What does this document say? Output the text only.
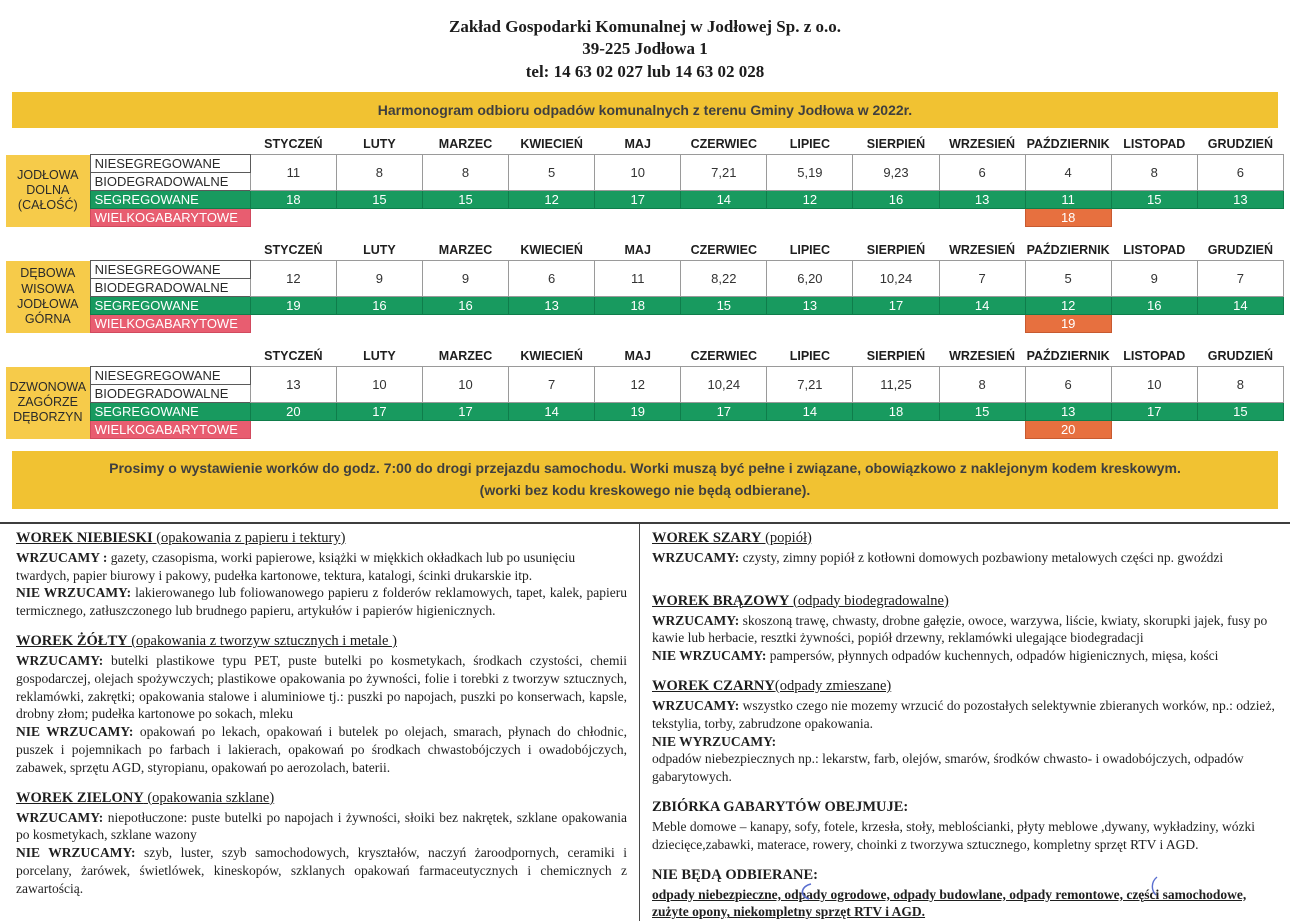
Zakład Gospodarki Komunalnej w Jodłowej Sp. z o.o.
39-225 Jodłowa 1
tel: 14 63 02 027 lub 14 63 02 028
Harmonogram odbioru odpadów komunalnych z terenu Gminy Jodłowa w 2022r.
		STYCZEŃ	LUTY	MARZEC	KWIECIEŃ	MAJ	CZERWIEC	LIPIEC	SIERPIEŃ	WRZESIEŃ	PAŹDZIERNIK	LISTOPAD	GRUDZIEŃ

JODŁOWA
DOLNA
(CAŁOŚĆ)	NIESEGREGOWANE	11	8	8	5	10	7,21	5,19	9,23	6	4	8	6
	BIODEGRADOWALNE												
	SEGREGOWANE	18	15	15	12	17	14	12	16	13	11	15	13
	WIELKOGABARYTOWE										18		
		STYCZEŃ	LUTY	MARZEC	KWIECIEŃ	MAJ	CZERWIEC	LIPIEC	SIERPIEŃ	WRZESIEŃ	PAŹDZIERNIK	LISTOPAD	GRUDZIEŃ

DĘBOWA
WISOWA
JODŁOWA
GÓRNA	NIESEGREGOWANE	12	9	9	6	11	8,22	6,20	10,24	7	5	9	7
	BIODEGRADOWALNE												
	SEGREGOWANE	19	16	16	13	18	15	13	17	14	12	16	14
	WIELKOGABARYTOWE										19		
		STYCZEŃ	LUTY	MARZEC	KWIECIEŃ	MAJ	CZERWIEC	LIPIEC	SIERPIEŃ	WRZESIEŃ	PAŹDZIERNIK	LISTOPAD	GRUDZIEŃ

DZWONOWA
ZAGÓRZE
DĘBORZYN	NIESEGREGOWANE	13	10	10	7	12	10,24	7,21	11,25	8	6	10	8
	BIODEGRADOWALNE												
	SEGREGOWANE	20	17	17	14	19	17	14	18	15	13	17	15
	WIELKOGABARYTOWE										20		
Prosimy o wystawienie worków do godz. 7:00 do drogi przejazdu samochodu. Worki muszą być pełne i związane, obowiązkowo z naklejonym kodem kreskowym.
(worki bez kodu kreskowego nie będą odbierane).
WOREK NIEBIESKI (opakowania z papieru i tektury)

WRZUCAMY : gazety, czasopisma, worki papierowe, książki w miękkich okładkach lub po usunięciu twardych, papier biurowy i pakowy, pudełka kartonowe, tektura, katalogi, ścinki drukarskie itp.

NIE WRZUCAMY: lakierowanego lub foliowanowego papieru z folderów reklamowych, tapet, kalek, papieru termicznego, zatłuszczonego lub brudnego papieru, artykułów i papierów higienicznych.

WOREK ŻÓŁTY (opakowania z tworzyw sztucznych i metale )

WRZUCAMY: butelki plastikowe typu PET, puste butelki po kosmetykach, środkach czystości, chemii gospodarczej, olejach spożywczych; plastikowe opakowania po żywności, folie i torebki z tworzyw sztucznych, reklamówki, zakrętki; opakowania stalowe i aluminiowe tj.: puszki po napojach, puszki po konserwach, kapsle, drobny złom; pudełka kartonowe po sokach, mleku

NIE WRZUCAMY: opakowań po lekach, opakowań i butelek po olejach, smarach, płynach do chłodnic, puszek i pojemnikach po farbach i lakierach, opakowań po środkach chwastobójczych i owadobójczych, zabawek, sprzętu AGD, styropianu, opakowań po aerozolach, baterii.

WOREK ZIELONY (opakowania szklane)

WRZUCAMY: niepotłuczone: puste butelki po napojach i żywności, słoiki bez nakrętek, szklane opakowania po kosmetykach, szklane wazony

NIE WRZUCAMY: szyb, luster, szyb samochodowych, kryształów, naczyń żaroodpornych, ceramiki i porcelany, żarówek, świetlówek, kineskopów, szklanych opakowań farmaceutycznych i chemicznych z zawartością.

WOREK SZARY (popiół)

WRZUCAMY: czysty, zimny popiół z kotłowni domowych pozbawiony metalowych części np. gwoździ

WOREK BRĄZOWY (odpady biodegradowalne)

WRZUCAMY: skoszoną trawę, chwasty, drobne gałęzie, owoce, warzywa, liście, kwiaty, skorupki jajek, fusy po kawie lub herbacie, resztki żywności, popiół drzewny, reklamówki ulegające biodegradacji

NIE WRZUCAMY: pampersów, płynnych odpadów kuchennych, odpadów higienicznych, mięsa, kości

WOREK CZARNY(odpady zmieszane)

WRZUCAMY: wszystko czego nie mozemy wrzucić do pozostałych selektywnie zbieranych worków, np.: odzież, tekstylia, torby, zabrudzone opakowania.

NIE WYRZUCAMY:

odpadów niebezpiecznych np.: lekarstw, farb, olejów, smarów, środków chwasto- i owadobójczych, odpadów gabarytowych.

ZBIÓRKA GABARYTÓW OBEJMUJE:

Meble domowe – kanapy, sofy, fotele, krzesła, stoły, meblościanki, płyty meblowe ,dywany, wykładziny, wózki dziecięce,zabawki, materace, rowery, choinki z tworzywa sztucznego, kompletny sprzęt RTV i AGD.

NIE BĘDĄ ODBIERANE:

odpady niebezpieczne, odpady ogrodowe, odpady budowlane, odpady remontowe, części samochodowe, zużyte opony, niekompletny sprzęt RTV i AGD.
